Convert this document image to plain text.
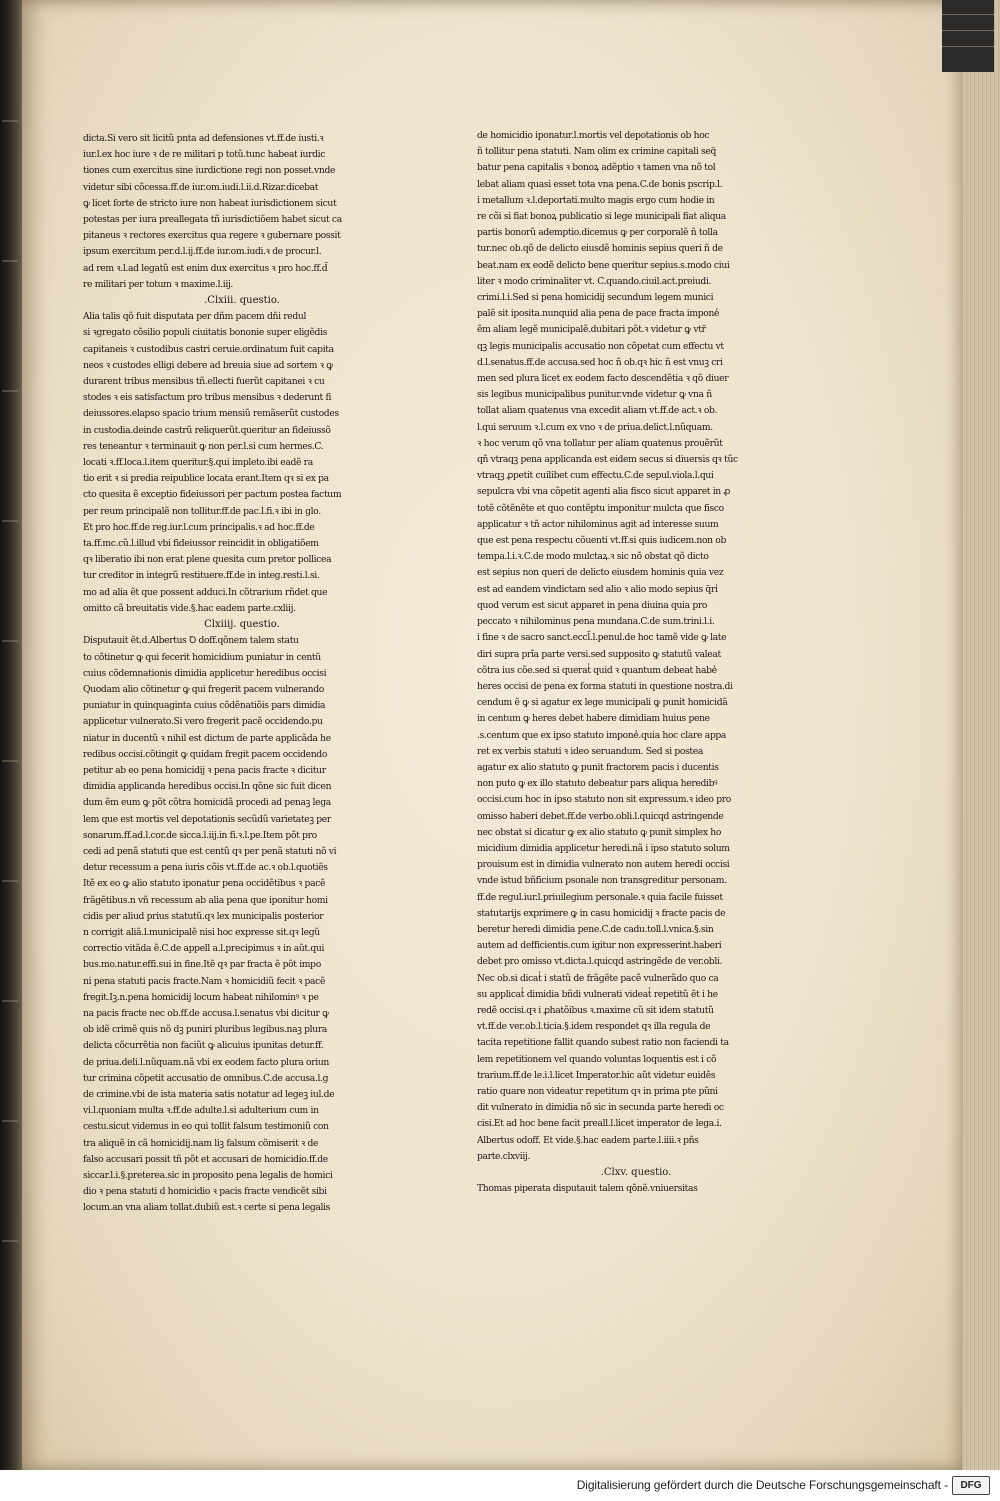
dicta.Si vero sit licitũ pnta ad defensiones vt.ff.de iusti.ꝛ

iur.l.ex hoc iure ꝛ de re militari p totũ.tunc habeat iurdic

tiones cum exercitus sine iurdictione regi non posset.vnde

videtur sibi cõcessa.ff.de iur.om.iudi.l.ii.d.Rizar.dicebat

ꝙ licet forte de stricto iure non habeat iurisdictionem sicut

potestas per iura preallegata tñ iurisdictiõem habet sicut ca

pitaneus ꝛ rectores exercitus qua regere ꝛ gubernare possit

ipsum exercitum per.d.l.ij.ff.de iur.om.iudi.ꝛ de procur.l.

ad rem ꝛ.l.ad legatũ est enim dux exercitus ꝛ pro hoc.ff.d̃

re militari per totum ꝛ maxime.l.iij.

.Clxiii. questio.

Alia talis qõ fuit disputata per dñm pacem dñi redul

si ꝛgregato cõsilio populi ciuitatis bononie super eligẽdis

capitaneis ꝛ custodibus castri ceruie.ordinatum fuit capita

neos ꝛ custodes elligi debere ad breuia siue ad sortem ꝛ ꝙ

durarent tribus mensibus tñ.ellecti fuerũt capitanei ꝛ cu

stodes ꝛ eis satisfactum pro tribus mensibus ꝛ dederunt fi

deiussores.elapso spacio trium mensiũ remãserũt custodes

in custodia.deinde castrũ reliquerũt.queritur an fideiussõ

res teneantur ꝛ terminauit ꝙ non per.l.si cum hermes.C.

locati ꝛ.ff.loca.l.item queritur.§.qui impleto.ibi eadẽ ra

tio erit ꝛ si predia reipublice locata erant.Item qꝛ si ex pa

cto quesita ẽ exceptio fideiussori per pactum postea factum

per reum principalẽ non tollitur.ff.de pac.l.fi.ꝛ ibi in glo.

Et pro hoc.ff.de reg.iur.l.cum principalis.ꝛ ad hoc.ff.de

ta.ff.mc.cũ.l.illud vbi fideiussor reincidit in obligatiõem

qꝛ liberatio ibi non erat plene quesita cum pretor pollicea

tur creditor in integrũ restituere.ff.de in integ.resti.l.si.

mo ad alia ẽt que possent adduci.In cõtrarium rñdet que

omitto cã breuitatis vide.§.hac eadem parte.cxliij.

Clxiiij. questio.

Disputauit ẽt.d.Albertus Ꝺ doff.qõnem talem statu

to cõtinetur ꝙ qui fecerit homicidium puniatur in centũ

cuius cõdemnationis dimidia applicetur heredibus occisi

Quodam alio cõtinetur ꝙ qui fregerit pacem vulnerando

puniatur in quinquaginta cuius cõdẽnatiõis pars dimidia

applicetur vulnerato.Si vero fregerit pacẽ occidendo.pu

niatur in ducentũ ꝛ nihil est dictum de parte applicãda he

redibus occisi.cõtingit ꝙ quidam fregit pacem occidendo

petitur ab eo pena homicidij ꝛ pena pacis fracte ꝛ dicitur

dimidia applicanda heredibus occisi.In qõne sic fuit dicen

dum ẽm eum ꝙ põt cõtra homicidã procedi ad penaꝫ lega

lem que est mortis vel depotationis secũdũ varietateꝫ per

sonarum.ff.ad.l.cor.de sicca.l.iij.in fi.ꝛ.l.pe.Item põt pro

cedi ad penã statuti que est centũ qꝛ per penã statuti nõ vi

detur recessum a pena iuris cõis vt.ff.de ac.ꝛ ob.l.quotiẽs

Itẽ ex eo ꝙ alio statuto iponatur pena occidẽtibus ꝛ pacẽ

frãgẽtibus.n vñ recessum ab alia pena que iponitur homi

cidis per aliud prius statutũ.qꝛ lex municipalis posterior

n corrigit aliã.l.municipalẽ nisi hoc expresse sit.qꝛ legũ

correctio vitãda ẽ.C.de appell a.l.precipimus ꝛ in aũt.qui

bus.mo.natur.effi.sui in fine.Itẽ qꝛ par fracta ẽ põt impo

ni pena statuti pacis fracte.Nam ꝛ homicidiũ fecit ꝛ pacẽ

fregit.Iꝫ.n.pena homicidij locum habeat nihilominꝰ ꝛ pe

na pacis fracte nec ob.ff.de accusa.l.senatus vbi dicitur ꝙ

ob idẽ crimẽ quis nõ dꝫ puniri pluribus legibus.naꝫ plura

delicta cõcurrẽtia non faciũt ꝙ alicuius ipunitas detur.ff.

de priua.deli.l.nũquam.nã vbi ex eodem facto plura oriun

tur crimina cõpetit accusatio de omnibus.C.de accusa.l.g

de crimine.vbi de ista materia satis notatur ad legeꝫ iul.de

vi.l.quoniam multa ꝛ.ff.de adulte.l.si adulterium cum in

cestu.sicut videmus in eo qui tollit falsum testimoniũ con

tra aliquẽ in cã homicidij.nam liꝫ falsum cõmiserit ꝛ de

falso accusari possit tñ põt et accusari de homicidio.ff.de

siccar.l.i.§.preterea.sic in proposito pena legalis de homici

dio ꝛ pena statuti d homicidio ꝛ pacis fracte vendicẽt sibi

locum.an vna aliam tollat.dubiũ est.ꝛ certe si pena legalis

de homicidio iponatur.l.mortis vel depotationis ob hoc

ñ tollitur pena statuti. Nam olim ex crimine capitali seq̃

batur pena capitalis ꝛ bonoꝝ adẽptio ꝛ tamen vna nõ tol

lebat aliam quasi esset tota vna pena.C.de bonis pscrip.l.

i metallum ꝛ.l.deportati.multo magis ergo cum hodie in

re cõi si fiat bonoꝝ publicatio si lege municipali fiat aliqua

partis bonorũ ademptio.dicemus ꝙ per corporalẽ ñ tolla

tur.nec ob.qõ de delicto eiusdẽ hominis sepius queri ñ de

beat.nam ex eodẽ delicto bene queritur sepius.s.modo ciui

liter ꝛ modo criminaliter vt. C.quando.ciuil.act.preiudi.

crimi.l.i.Sed si pena homicidij secundum legem munici

palẽ sit iposita.nunquid alia pena de pace fracta impone̾

ẽm aliam legẽ municipalẽ.dubitari põt.ꝛ videtur ꝙ vtr̃

qꝫ legis municipalis accusatio non cõpetat cum effectu vt

d.l.senatus.ff.de accusa.sed hoc ñ ob.qꝛ hic ñ est vnuꝫ cri

men sed plura licet ex eodem facto descendẽtia ꝛ qõ diuer

sis legibus municipalibus punitur.vnde videtur ꝙ vna ñ

tollat aliam quatenus vna excedit aliam vt.ff.de act.ꝛ ob.

l.qui seruum ꝛ.l.cum ex vno ꝛ de priua.delict.l.nũquam.

ꝛ hoc verum qõ vna tollatur per aliam quatenus prouẽrũt

qñ vtraqꝫ pena applicanda est eidem secus si diuersis qꝛ tũc

vtraqꝫ ꝓpetit cuilibet cum effectu.C.de sepul.viola.l.qui

sepulcra vbi vna cõpetit agenti alia fisco sicut apparet in ꝓ

totẽ cõtẽnẽte et quo contẽptu imponitur mulcta que fisco

applicatur ꝛ tñ actor nihilominus agit ad interesse suum

que est pena respectu cõuenti vt.ff.si quis iudicem.non ob

tempa.l.i.ꝛ.C.de modo mulctaꝝ.ꝛ sic nõ obstat qõ dicto

est sepius non queri de delicto eiusdem hominis quia vez

est ad eandem vindictam sed alio ꝛ alio modo sepius q̃ri̾

quod verum est sicut apparet in pena diuina quia pro

peccato ꝛ nihilominus pena mundana.C.de sum.trini.l.i.

i fine ꝛ de sacro sanct.eccl̃.l.penul.de hoc tamẽ vide ꝙ late

diri supra prĩa parte versi.sed supposito ꝙ statutũ valeat

cõtra ius cõe.sed si querat̾ quid ꝛ quantum debeat habe̾

heres occisi de pena ex forma statuti in questione nostra.di

cendum ẽ ꝙ si agatur ex lege municipali ꝙ punit homicidã

in centum ꝙ heres debet habere dimidiam huius pene

.s.centum que ex ipso statuto impone̾.quia hoc clare appa

ret ex verbis statuti ꝛ ideo seruandum. Sed si postea

agatur ex alio statuto ꝙ punit fractorem pacis i ducentis

non puto ꝙ ex illo statuto debeatur pars aliqua heredibꝰ

occisi.cum hoc in ipso statuto non sit expressum.ꝛ ideo pro

omisso haberi debet.ff.de verbo.obli.l.quicqd astringende

nec obstat si dicatur ꝙ ex alio statuto ꝙ punit simplex ho

micidium dimidia applicetur heredi.nã i ipso statuto solum

prouisum est in dimidia vulnerato non autem heredi occisi

vnde istud bñficium psonale non transgreditur personam.

ff.de regul.iur.l.priuilegium personale.ꝛ quia facile fuisset

statutarijs exprimere ꝙ in casu homicidij ꝛ fracte pacis de

beretur heredi dimidia pene.C.de cadu.toll.l.vnica.§.sin

autem ad defficientis.cum igitur non expresserint.haberi

debet pro omisso vt.dicta.l.quicqd astringẽde de ver.obli.

Nec ob.si dicat̾ i statũ de frãgẽte pacẽ vulnerãdo quo ca

su applicat̾ dimidia bñdi vulnerati videat̾ repetitũ ẽt i he

redẽ occisi.qꝛ i ꝓhatõibus ꝛ.maxime cũ sit idem statutũ

vt.ff.de ver.ob.l.ticia.§.idem respondet qꝛ illa regula de

tacita repetitione fallit quando subest ratio non faciendi ta

lem repetitionem vel quando voluntas loquentis est i cõ

trarium.ff.de le.i.l.licet Imperator.hic aũt videtur euidẽs

ratio quare non videatur repetitum qꝛ in prima pte pũni

dit vulnerato in dimidia nõ sic in secunda parte heredi oc

cisi.Et ad hoc bene facit preall.l.licet imperator de lega.i.

Albertus odoff. Et vide.§.hac eadem parte.l.iiii.ꝛ pñs

parte.clxviij.

.Clxv. questio.

Thomas piperata disputauit talem qõnẽ.vniuersitas

Digitalisierung gefördert durch die Deutsche Forschungsgemeinschaft -	DFG
